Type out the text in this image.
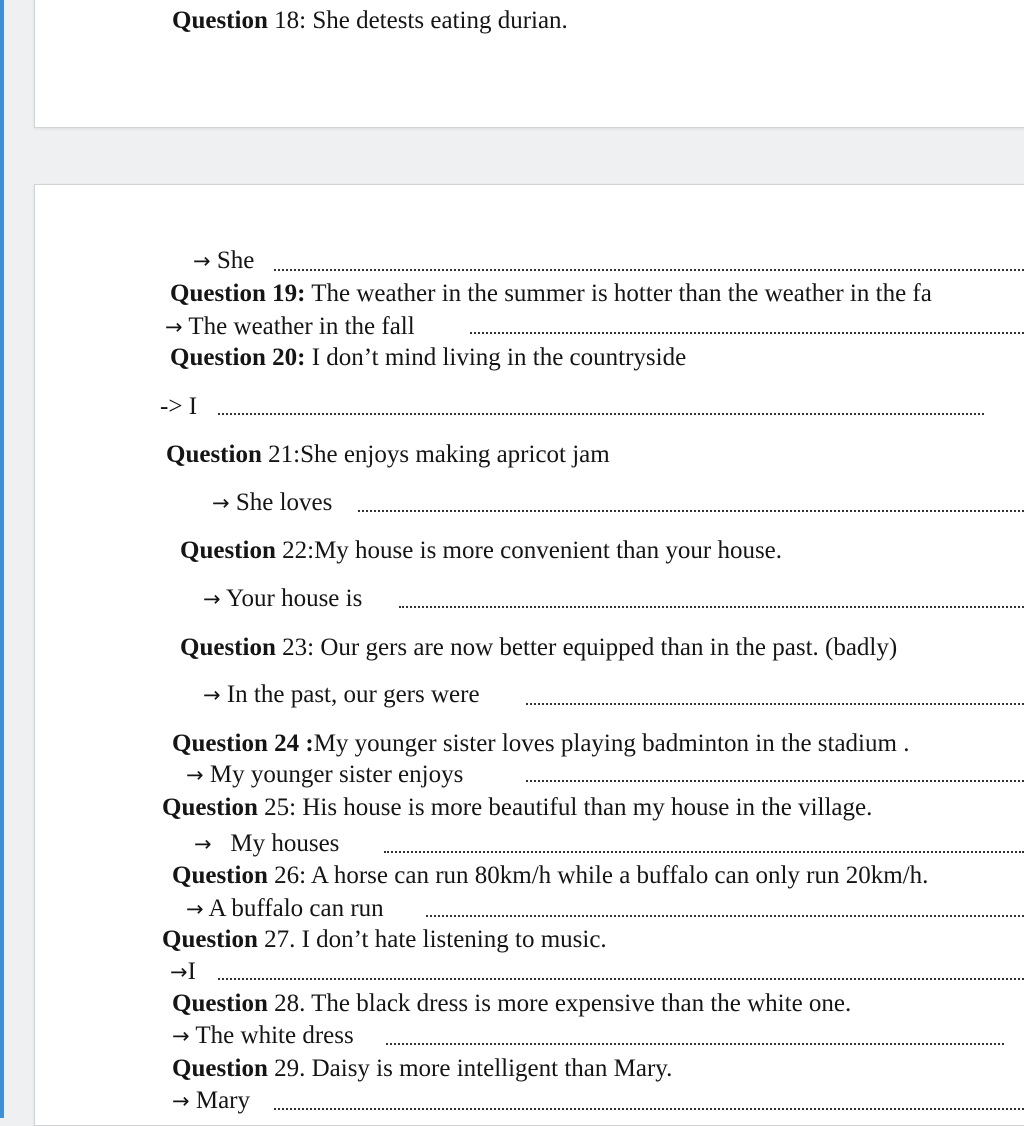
Question 18: She detests eating durian.
→ She
Question 19: The weather in the summer is hotter than the weather in the fa
→ The weather in the fall
Question 20: I don’t mind living in the countryside
-> I
Question 21:She enjoys making apricot jam
→ She loves
Question 22:My house is more convenient than your house.
→ Your house is
Question 23: Our gers are now better equipped than in the past. (badly)
→ In the past, our gers were
Question 24 :My younger sister loves playing badminton in the stadium .
→ My younger sister enjoys
Question 25: His house is more beautiful than my house in the village.
→ My houses
Question 26: A horse can run 80km/h while a buffalo can only run 20km/h.
→ A buffalo can run
Question 27. I don’t hate listening to music.
→I
Question 28. The black dress is more expensive than the white one.
→ The white dress
Question 29. Daisy is more intelligent than Mary.
→ Mary
